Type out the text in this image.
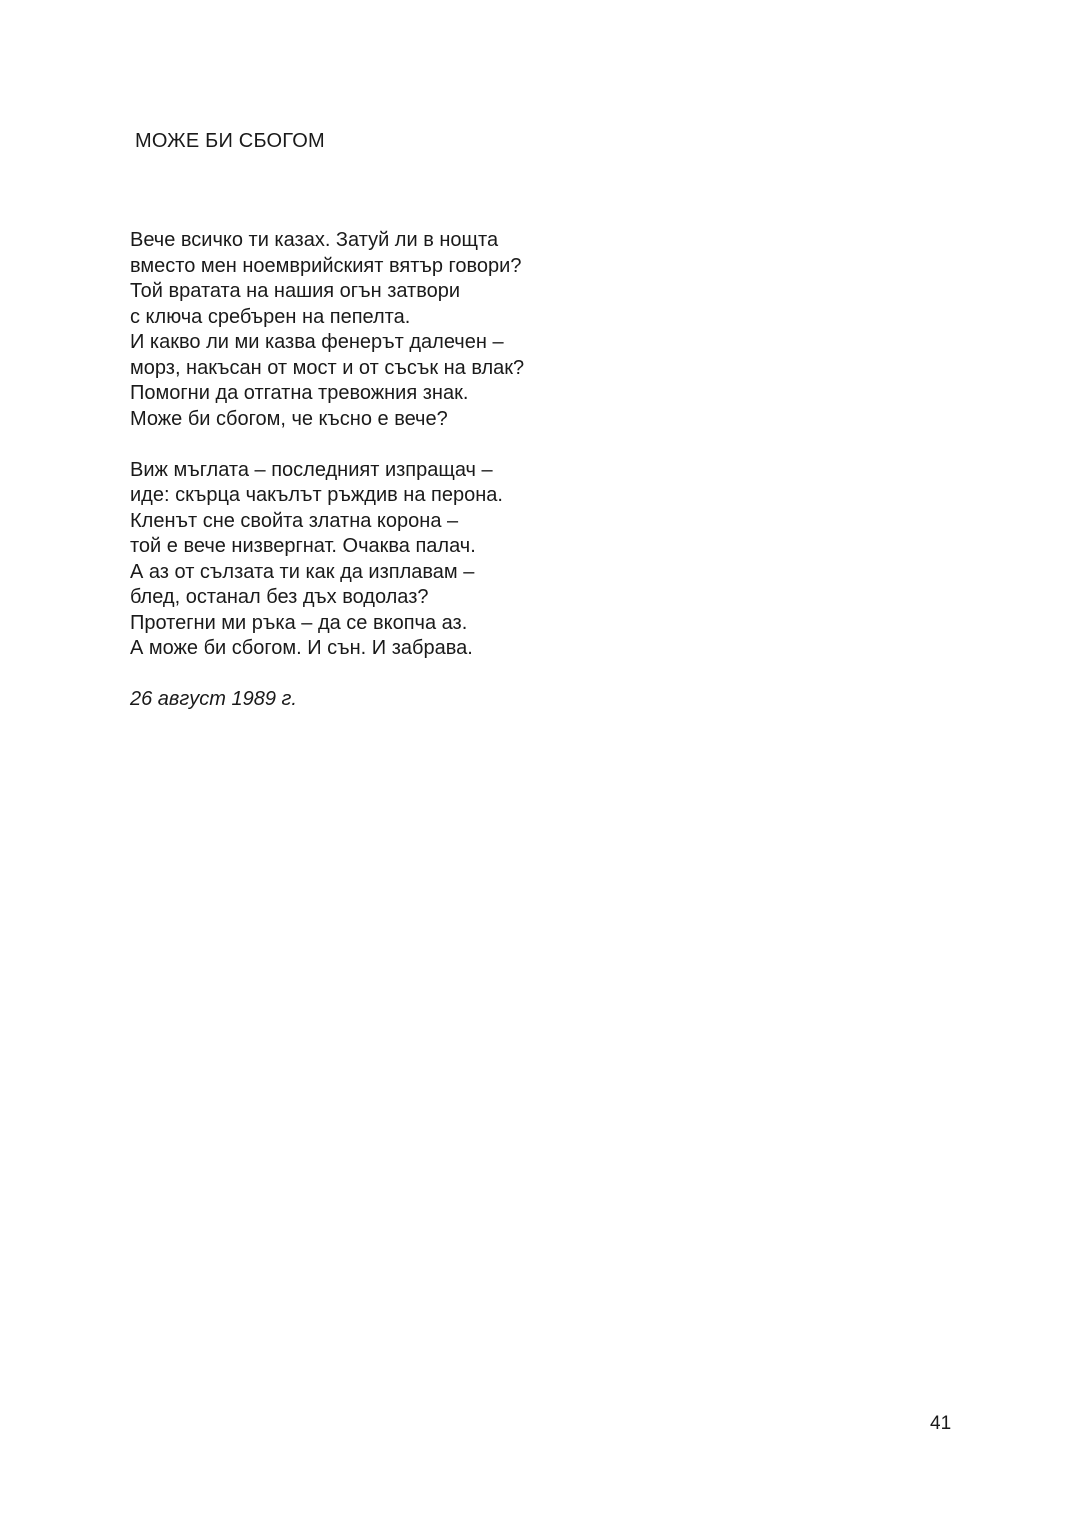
МОЖЕ БИ СБОГОМ
Вече всичко ти казах. Затуй ли в нощта
вместо мен ноемврийският вятър говори?
Той вратата на нашия огън затвори
с ключа сребърен на пепелта.
И какво ли ми казва фенерът далечен –
морз, накъсан от мост и от съсък на влак?
Помогни да отгатна тревожния знак.
Може би сбогом, че късно е вече?
Виж мъглата – последният изпращач –
иде: скърца чакълът ръждив на перона.
Кленът сне свойта златна корона –
той е вече низвергнат. Очаква палач.
А аз от сълзата ти как да изплавам –
блед, останал без дъх водолаз?
Протегни ми ръка – да се вкопча аз.
А може би сбогом. И сън. И забрава.
26 август 1989 г.
41
